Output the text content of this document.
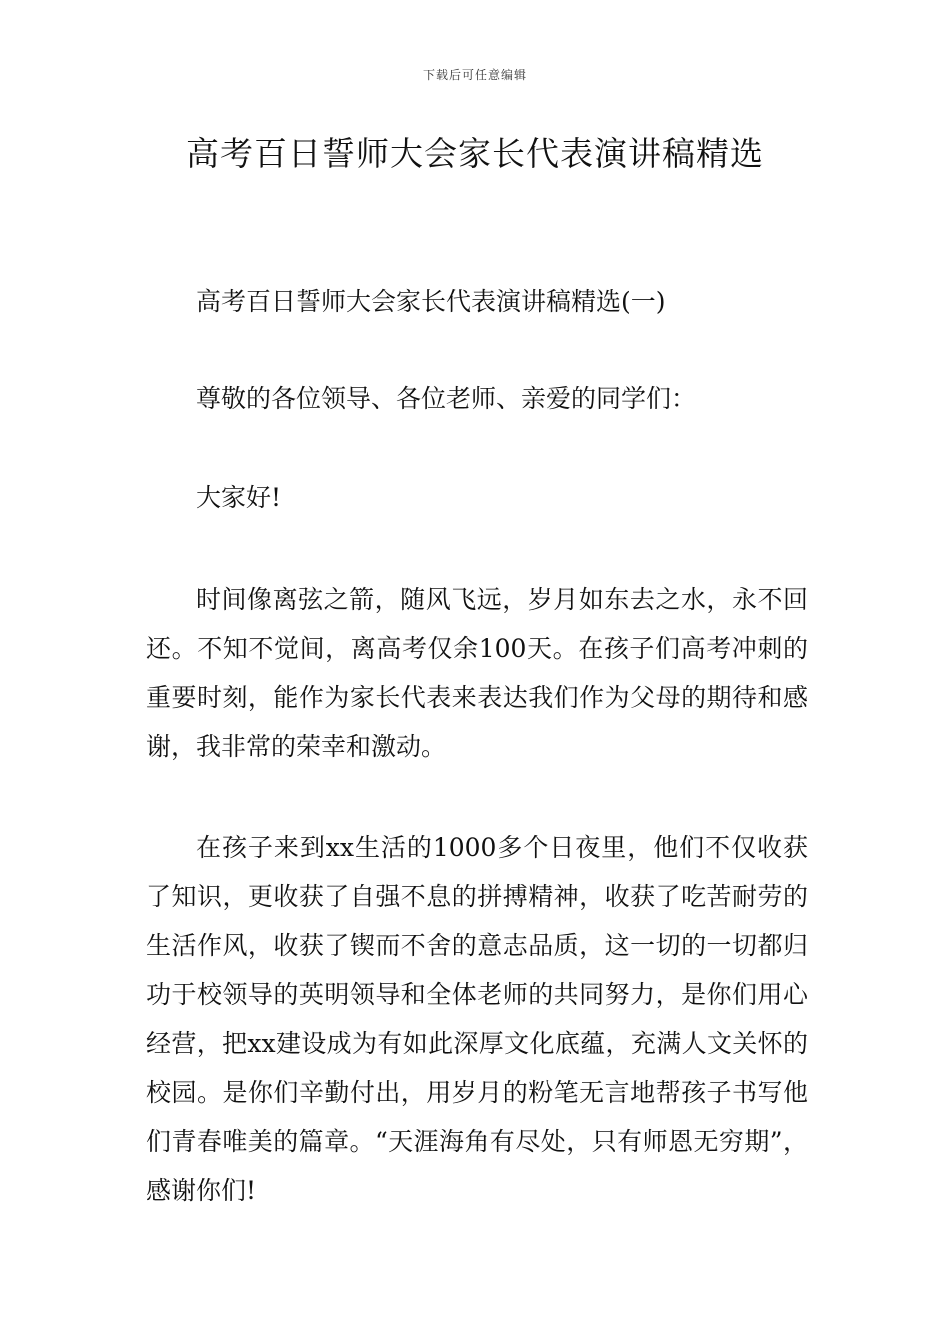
下载后可任意编辑
高考百日誓师大会家长代表演讲稿精选

高考百日誓师大会家长代表演讲稿精选(一)

尊敬的各位领导、各位老师、亲爱的同学们：

大家好!

时间像离弦之箭，随风飞远，岁月如东去之水，永不回还。不知不觉间，离高考仅余100天。在孩子们高考冲刺的重要时刻，能作为家长代表来表达我们作为父母的期待和感谢，我非常的荣幸和激动。

在孩子来到xx生活的1000多个日夜里，他们不仅收获了知识，更收获了自强不息的拼搏精神，收获了吃苦耐劳的生活作风，收获了锲而不舍的意志品质，这一切的一切都归功于校领导的英明领导和全体老师的共同努力，是你们用心经营，把xx建设成为有如此深厚文化底蕴，充满人文关怀的校园。是你们辛勤付出，用岁月的粉笔无言地帮孩子书写他们青春唯美的篇章。“天涯海角有尽处，只有师恩无穷期”，感谢你们!
